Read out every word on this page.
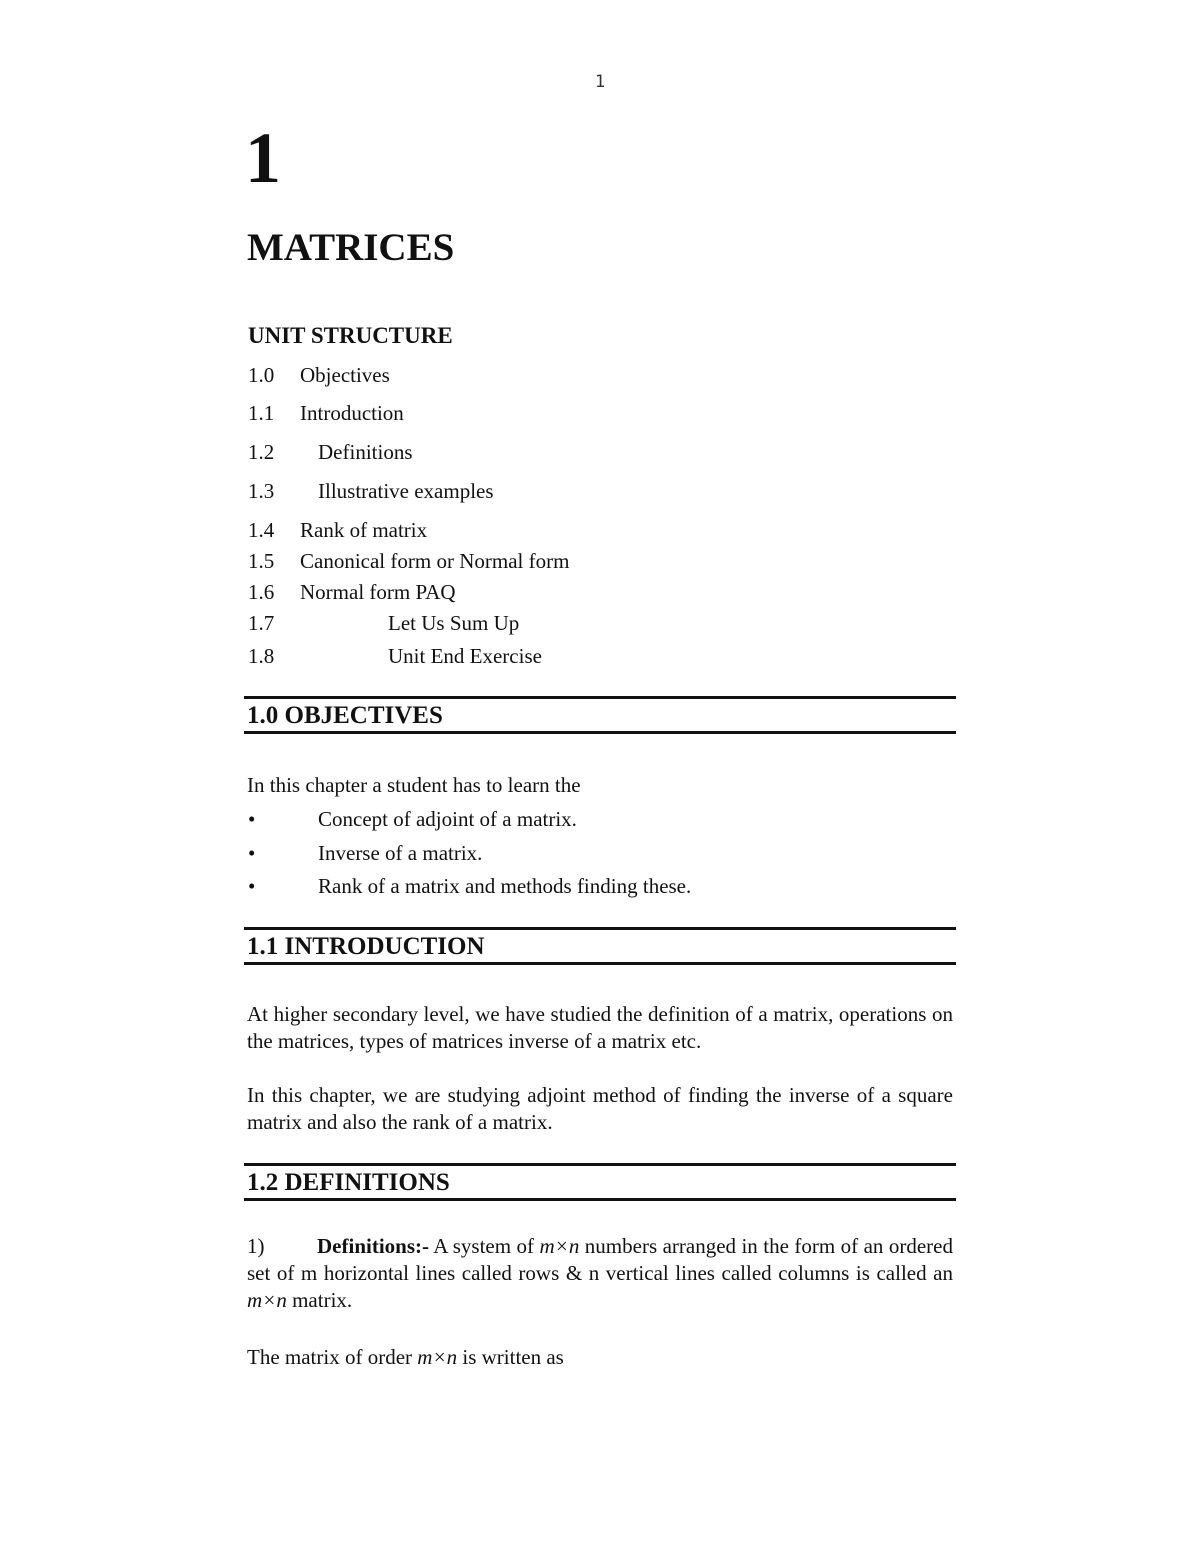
1
1
MATRICES
UNIT STRUCTURE
1.0 Objectives
1.1 Introduction
1.2 Definitions
1.3 Illustrative examples
1.4 Rank of matrix
1.5 Canonical form or Normal form
1.6 Normal form PAQ
1.7	Let Us Sum Up
1.8	Unit End Exercise
1.0 OBJECTIVES
In this chapter a student has to learn the
•	Concept of adjoint of a matrix.
•	Inverse of a matrix.
•	Rank of a matrix and methods finding these.
1.1 INTRODUCTION
At higher secondary level, we have studied the definition of a matrix, operations on the matrices, types of matrices inverse of a matrix etc.
In this chapter, we are studying adjoint method of finding the inverse of a square matrix and also the rank of a matrix.
1.2 DEFINITIONS
1)	Definitions:- A system of m×n numbers arranged in the form of an ordered set of m horizontal lines called rows & n vertical lines called columns is called an m×n matrix.
The matrix of order m×n is written as
